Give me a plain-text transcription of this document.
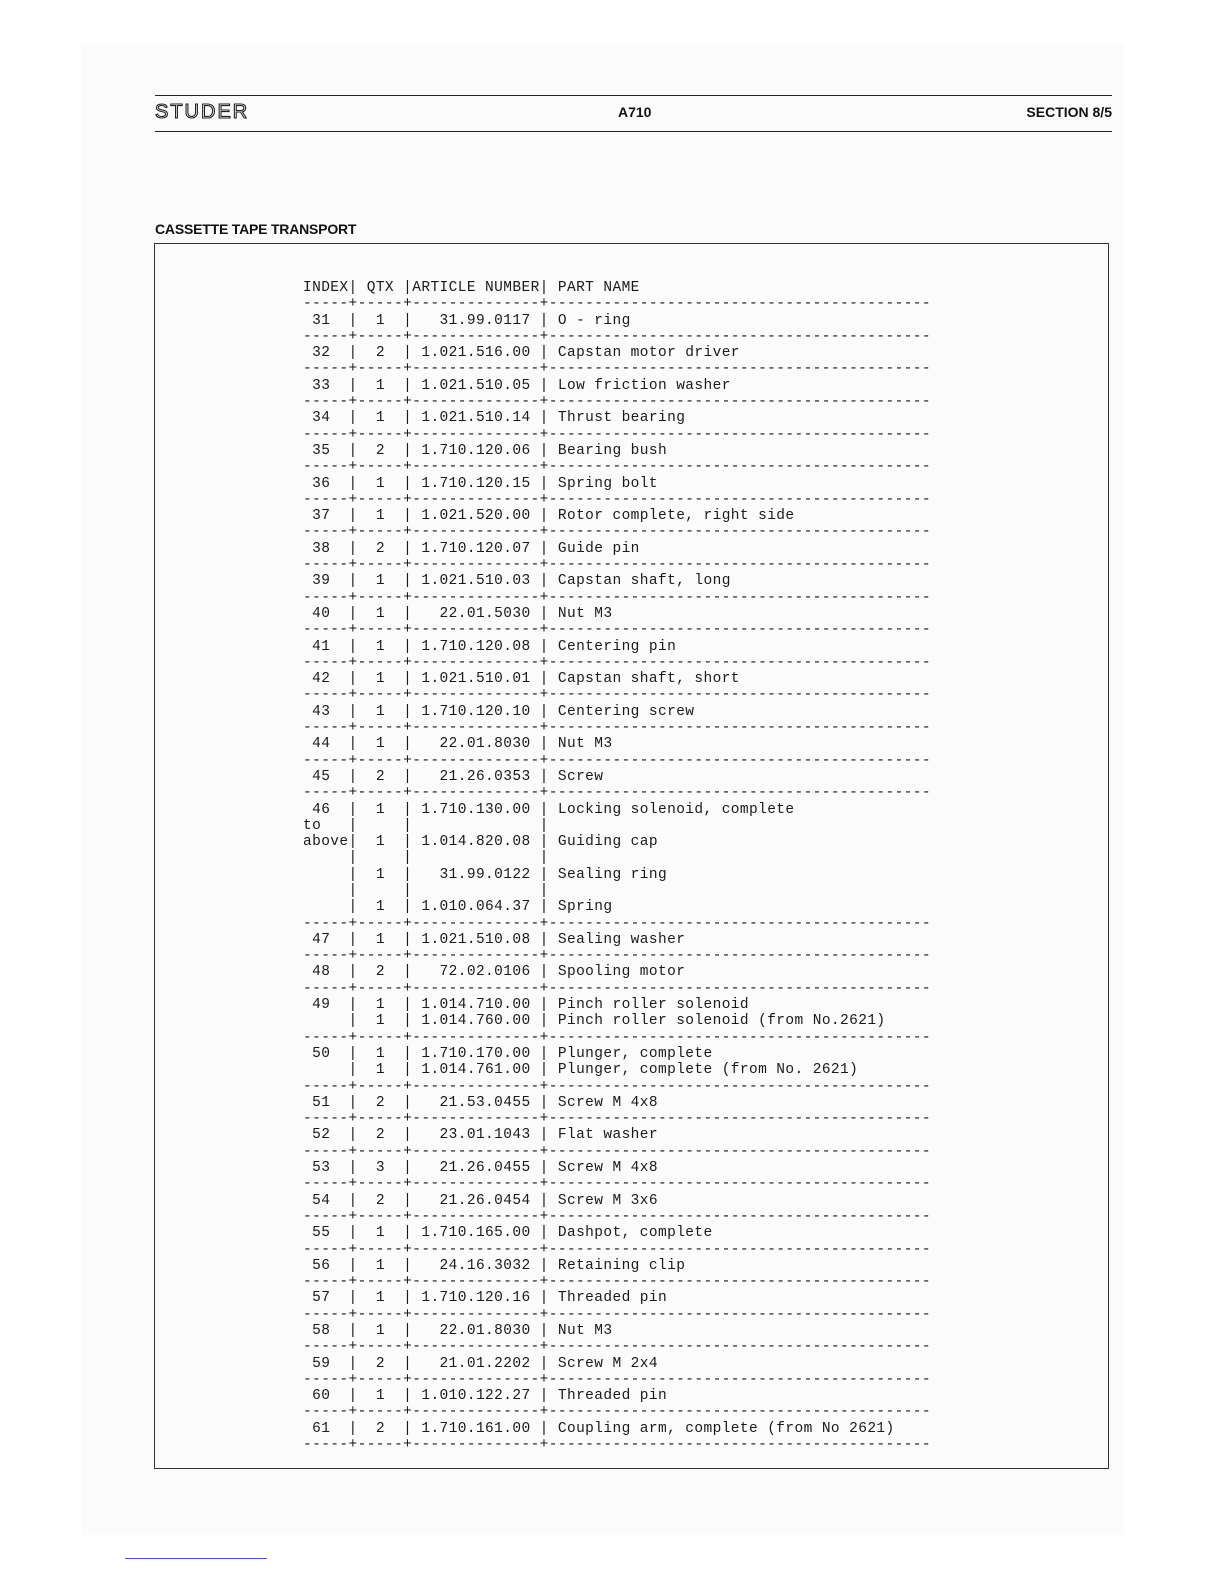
STUDER	A710	SECTION 8/5
CASSETTE TAPE TRANSPORT
INDEX| QTX |ARTICLE NUMBER| PART NAME
-----+-----+--------------+------------------------------------------
31  |  1  |   31.99.0117 | O - ring
-----+-----+--------------+------------------------------------------
32  |  2  | 1.021.516.00 | Capstan motor driver
-----+-----+--------------+------------------------------------------
33  |  1  | 1.021.510.05 | Low friction washer
-----+-----+--------------+------------------------------------------
34  |  1  | 1.021.510.14 | Thrust bearing
-----+-----+--------------+------------------------------------------
35  |  2  | 1.710.120.06 | Bearing bush
-----+-----+--------------+------------------------------------------
36  |  1  | 1.710.120.15 | Spring bolt
-----+-----+--------------+------------------------------------------
37  |  1  | 1.021.520.00 | Rotor complete, right side
-----+-----+--------------+------------------------------------------
38  |  2  | 1.710.120.07 | Guide pin
-----+-----+--------------+------------------------------------------
39  |  1  | 1.021.510.03 | Capstan shaft, long
-----+-----+--------------+------------------------------------------
40  |  1  |   22.01.5030 | Nut M3
-----+-----+--------------+------------------------------------------
41  |  1  | 1.710.120.08 | Centering pin
-----+-----+--------------+------------------------------------------
42  |  1  | 1.021.510.01 | Capstan shaft, short
-----+-----+--------------+------------------------------------------
43  |  1  | 1.710.120.10 | Centering screw
-----+-----+--------------+------------------------------------------
44  |  1  |   22.01.8030 | Nut M3
-----+-----+--------------+------------------------------------------
45  |  2  |   21.26.0353 | Screw
-----+-----+--------------+------------------------------------------
46  |  1  | 1.710.130.00 | Locking solenoid, complete
to   |	|	|
above|  1  | 1.014.820.08 | Guiding cap
|	|	|
|  1  |   31.99.0122 | Sealing ring
|	|	|
|  1  | 1.010.064.37 | Spring
-----+-----+--------------+------------------------------------------
47  |  1  | 1.021.510.08 | Sealing washer
-----+-----+--------------+------------------------------------------
48  |  2  |   72.02.0106 | Spooling motor
-----+-----+--------------+------------------------------------------
49  |  1  | 1.014.710.00 | Pinch roller solenoid
|  1  | 1.014.760.00 | Pinch roller solenoid (from No.2621)
-----+-----+--------------+------------------------------------------
50  |  1  | 1.710.170.00 | Plunger, complete
|  1  | 1.014.761.00 | Plunger, complete (from No. 2621)
-----+-----+--------------+------------------------------------------
51  |  2  |   21.53.0455 | Screw M 4x8
-----+-----+--------------+------------------------------------------
52  |  2  |   23.01.1043 | Flat washer
-----+-----+--------------+------------------------------------------
53  |  3  |   21.26.0455 | Screw M 4x8
-----+-----+--------------+------------------------------------------
54  |  2  |   21.26.0454 | Screw M 3x6
-----+-----+--------------+------------------------------------------
55  |  1  | 1.710.165.00 | Dashpot, complete
-----+-----+--------------+------------------------------------------
56  |  1  |   24.16.3032 | Retaining clip
-----+-----+--------------+------------------------------------------
57  |  1  | 1.710.120.16 | Threaded pin
-----+-----+--------------+------------------------------------------
58  |  1  |   22.01.8030 | Nut M3
-----+-----+--------------+------------------------------------------
59  |  2  |   21.01.2202 | Screw M 2x4
-----+-----+--------------+------------------------------------------
60  |  1  | 1.010.122.27 | Threaded pin
-----+-----+--------------+------------------------------------------
61  |  2  | 1.710.161.00 | Coupling arm, complete (from No 2621)
-----+-----+--------------+------------------------------------------
